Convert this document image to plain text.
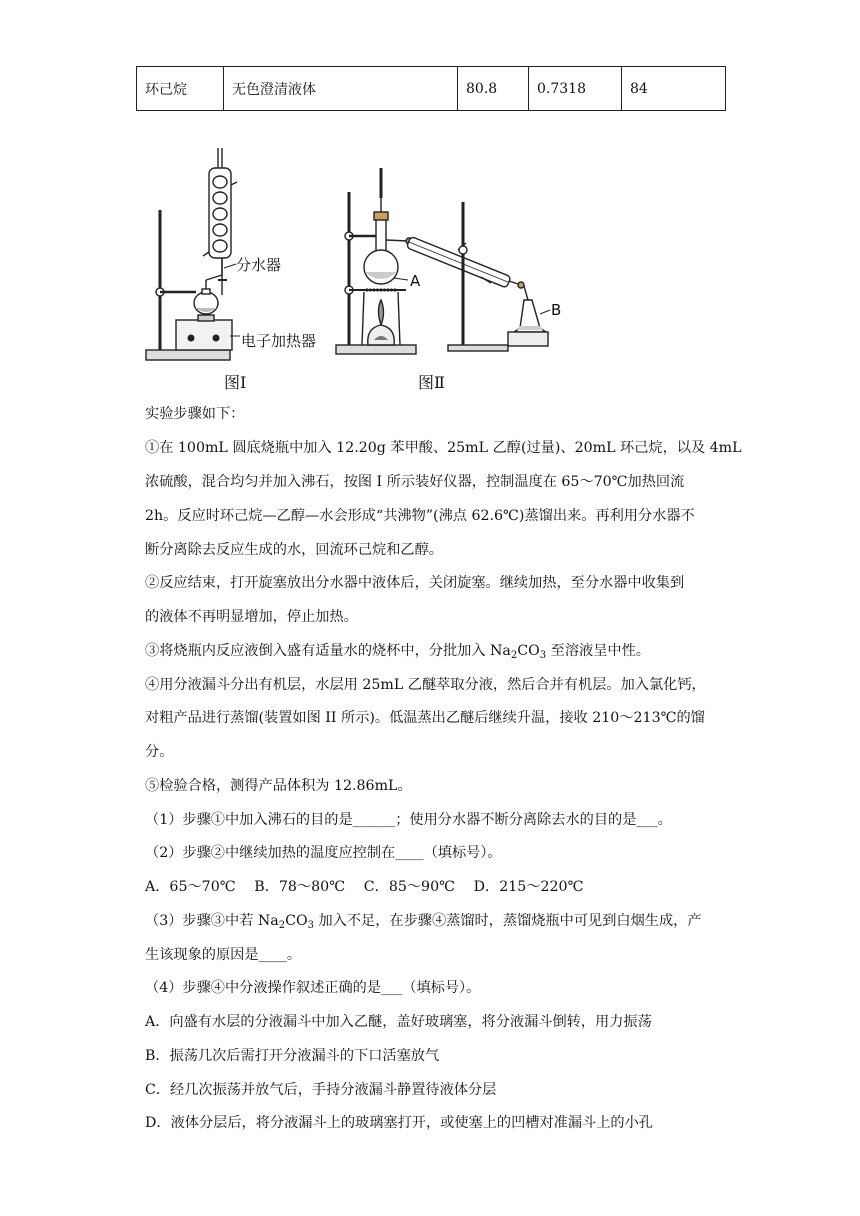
环己烷	无色澄清液体	80.8	0.7318	84
分水器
电子加热器
图Ⅰ
A
B
图Ⅱ
实验步骤如下：
①在 100mL 圆底烧瓶中加入 12.20g 苯甲酸、25mL 乙醇(过量)、20mL 环己烷，以及 4mL
浓硫酸，混合均匀并加入沸石，按图 I 所示装好仪器，控制温度在 65～70℃加热回流
2h。反应时环己烷—乙醇—水会形成“共沸物”(沸点 62.6℃)蒸馏出来。再利用分水器不
断分离除去反应生成的水，回流环己烷和乙醇。
②反应结束，打开旋塞放出分水器中液体后，关闭旋塞。继续加热，至分水器中收集到
的液体不再明显增加，停止加热。
③将烧瓶内反应液倒入盛有适量水的烧杯中，分批加入 $Na_2CO_3$ 至溶液呈中性。
④用分液漏斗分出有机层，水层用 25mL 乙醚萃取分液，然后合并有机层。加入氯化钙，
对粗产品进行蒸馏(装置如图 II 所示)。低温蒸出乙醚后继续升温，接收 210～213℃的馏
分。
⑤检验合格，测得产品体积为 12.86mL。
（1）步骤①中加入沸石的目的是______；使用分水器不断分离除去水的目的是___。
（2）步骤②中继续加热的温度应控制在____（填标号）。
A．65～70℃　 B．78～80℃　 C．85～90℃　 D．215～220℃
（3）步骤③中若 $Na_2CO_3$ 加入不足，在步骤④蒸馏时，蒸馏烧瓶中可见到白烟生成，产
生该现象的原因是____。
（4）步骤④中分液操作叙述正确的是___（填标号）。
A．向盛有水层的分液漏斗中加入乙醚，盖好玻璃塞，将分液漏斗倒转，用力振荡
B．振荡几次后需打开分液漏斗的下口活塞放气
C．经几次振荡并放气后，手持分液漏斗静置待液体分层
D．液体分层后，将分液漏斗上的玻璃塞打开，或使塞上的凹槽对准漏斗上的小孔
